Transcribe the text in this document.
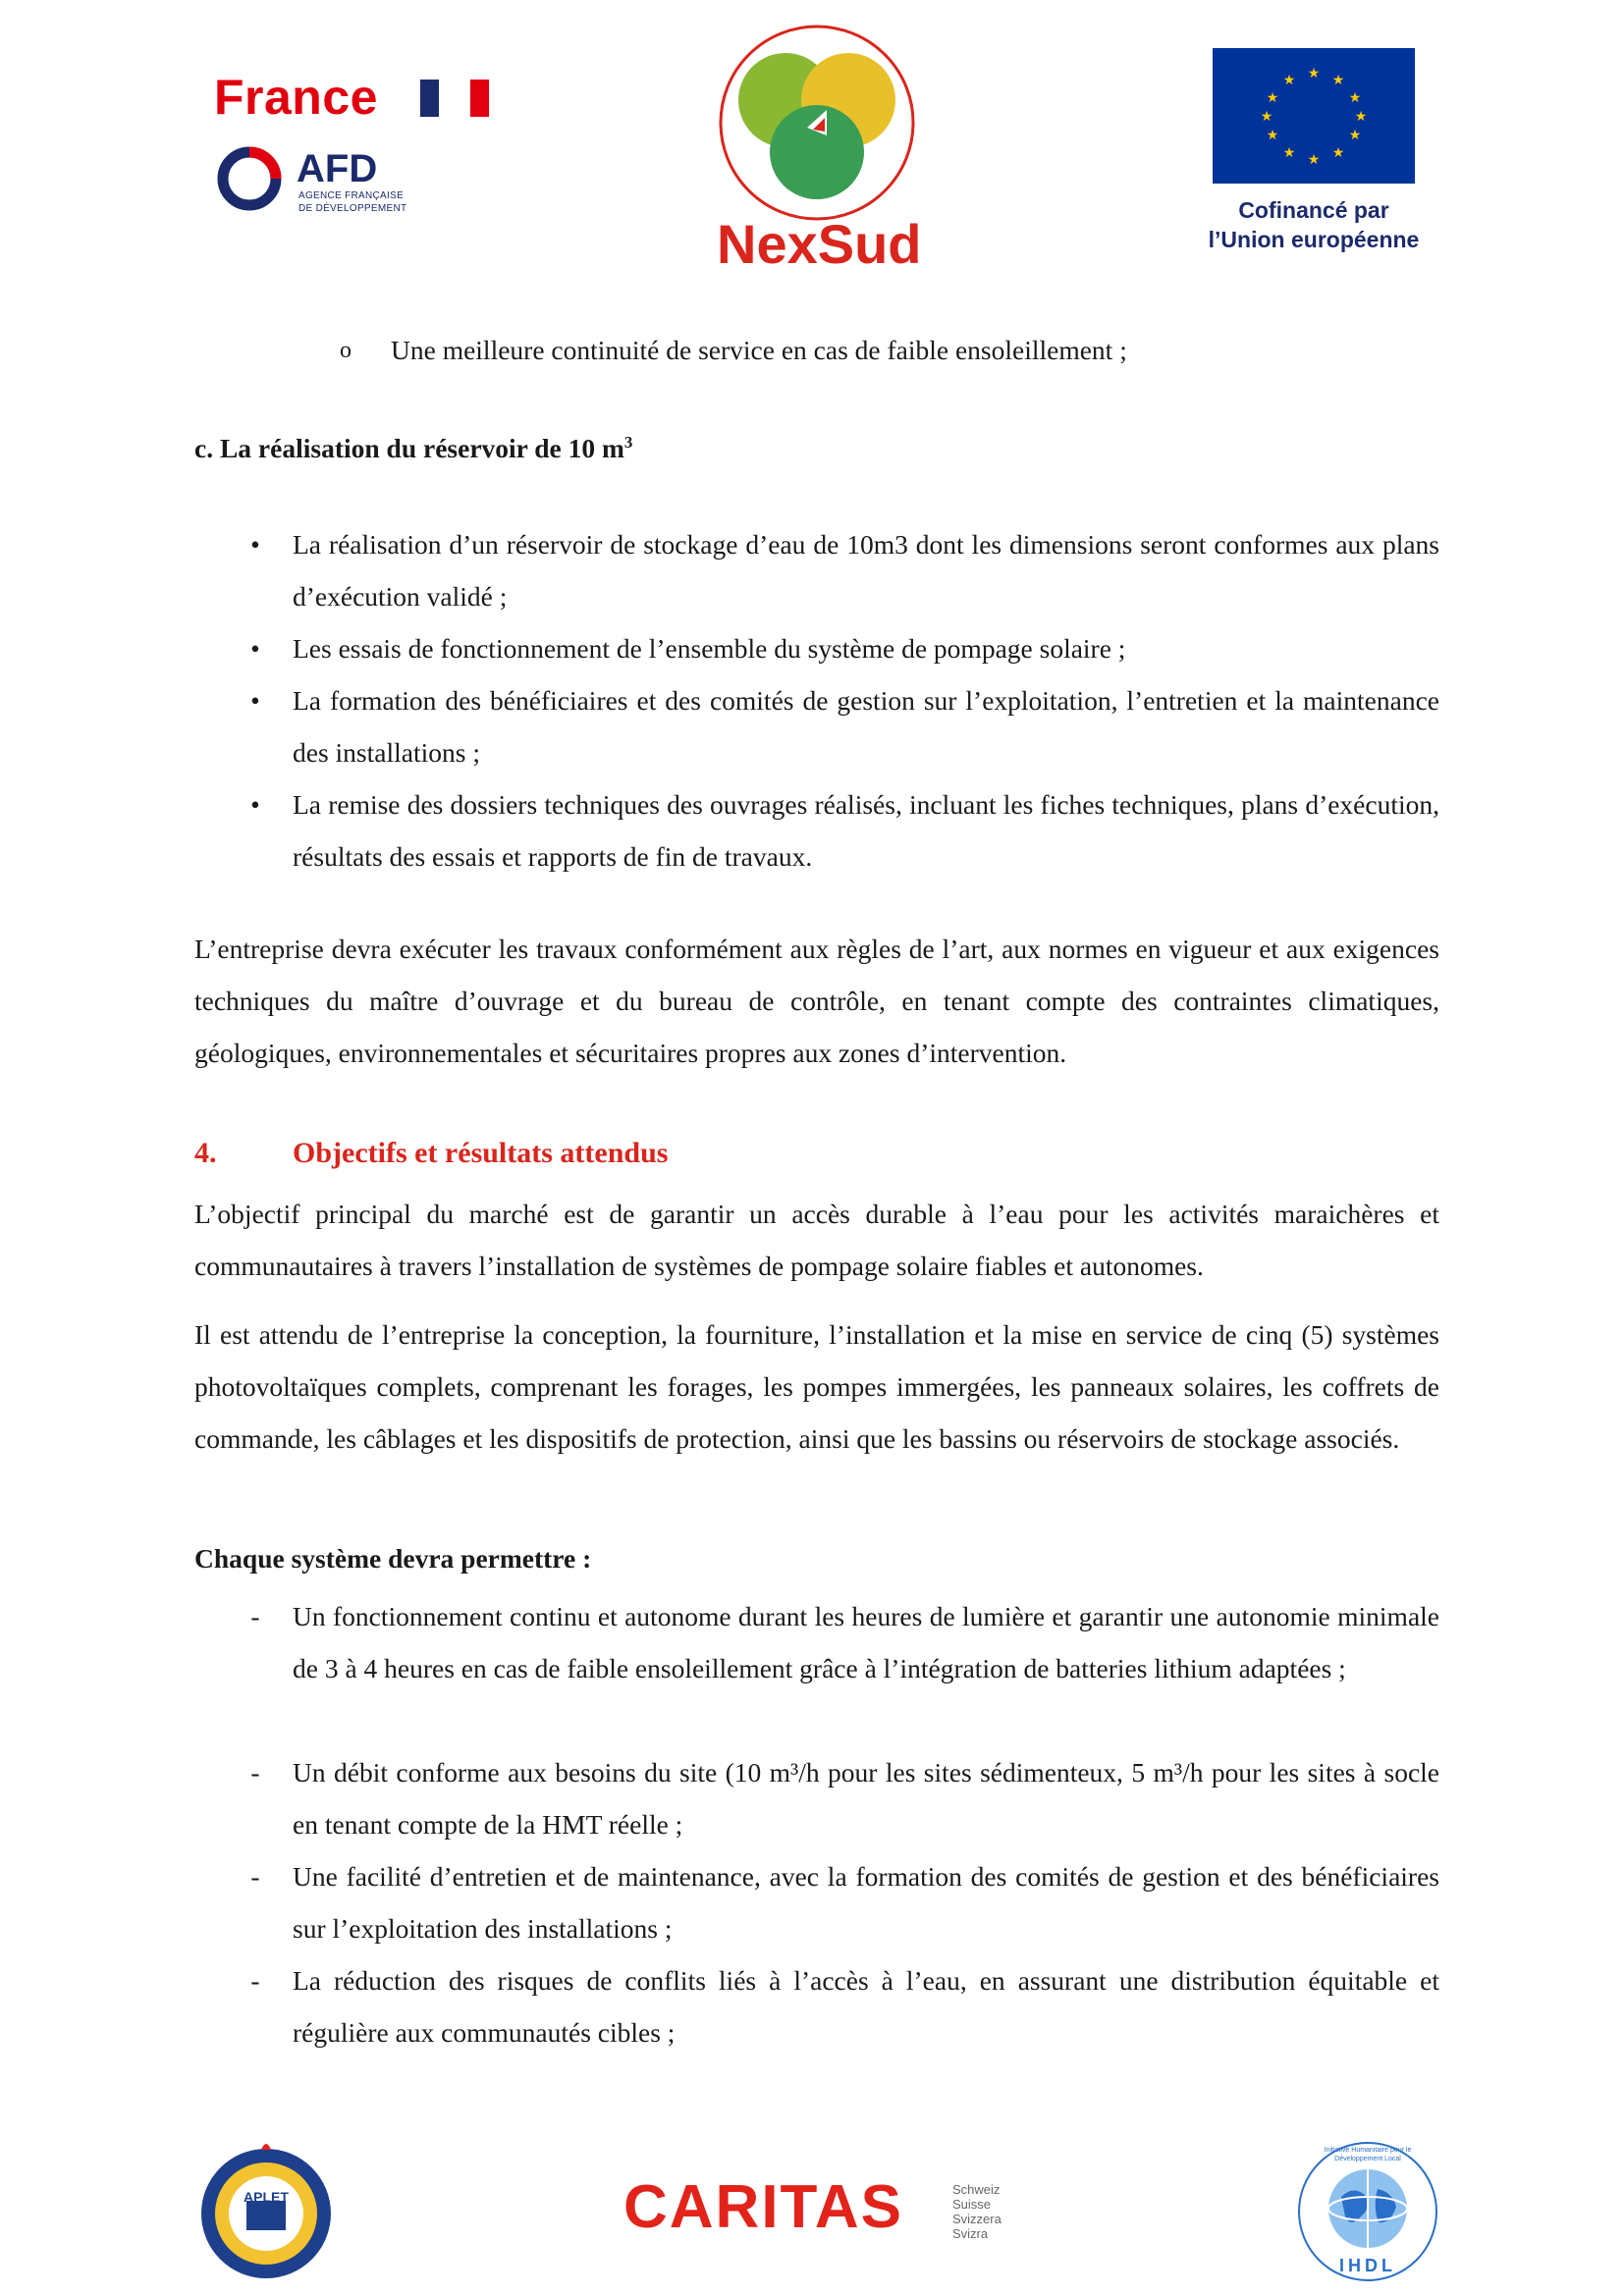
France
AFD
AGENCE FRANÇAISE
DE DÉVELOPPEMENT
NexSud
★ ★
★
★
★
★
★
★
★
★
★
★
Cofinancé par
l’Union européenne
o Une meilleure continuité de service en cas de faible ensoleillement ;
c. La réalisation du réservoir de 10 $m^3$
• La réalisation d’un réservoir de stockage d’eau de 10m3 dont les dimensions seront conformes aux plans d’exécution validé ;
• Les essais de fonctionnement de l’ensemble du système de pompage solaire ;
• La formation des bénéficiaires et des comités de gestion sur l’exploitation, l’entretien et la maintenance des installations ;
• La remise des dossiers techniques des ouvrages réalisés, incluant les fiches techniques, plans d’exécution, résultats des essais et rapports de fin de travaux.
L’entreprise devra exécuter les travaux conformément aux règles de l’art, aux normes en vigueur et aux exigences techniques du maître d’ouvrage et du bureau de contrôle, en tenant compte des contraintes climatiques, géologiques, environnementales et sécuritaires propres aux zones d’intervention.
4.	Objectifs et résultats attendus
L’objectif principal du marché est de garantir un accès durable à l’eau pour les activités maraichères et communautaires à travers l’installation de systèmes de pompage solaire fiables et autonomes.
Il est attendu de l’entreprise la conception, la fourniture, l’installation et la mise en service de cinq (5) systèmes photovoltaïques complets, comprenant les forages, les pompes immergées, les panneaux solaires, les coffrets de commande, les câblages et les dispositifs de protection, ainsi que les bassins ou réservoirs de stockage associés.
Chaque système devra permettre :
- Un fonctionnement continu et autonome durant les heures de lumière et garantir une autonomie minimale de 3 à 4 heures en cas de faible ensoleillement grâce à l’intégration de batteries lithium adaptées ;
- Un débit conforme aux besoins du site (10 m³/h pour les sites sédimenteux, 5 m³/h pour les sites à socle en tenant compte de la HMT réelle ;
- Une facilité d’entretien et de maintenance, avec la formation des comités de gestion et des bénéficiaires sur l’exploitation des installations ;
- La réduction des risques de conflits liés à l’accès à l’eau, en assurant une distribution équitable et régulière aux communautés cibles ;
APLET	CARITAS	Schweiz
Suisse
Svizzera
Svizra
Initiative Humanitaire pour le Développement Local
IHDL
